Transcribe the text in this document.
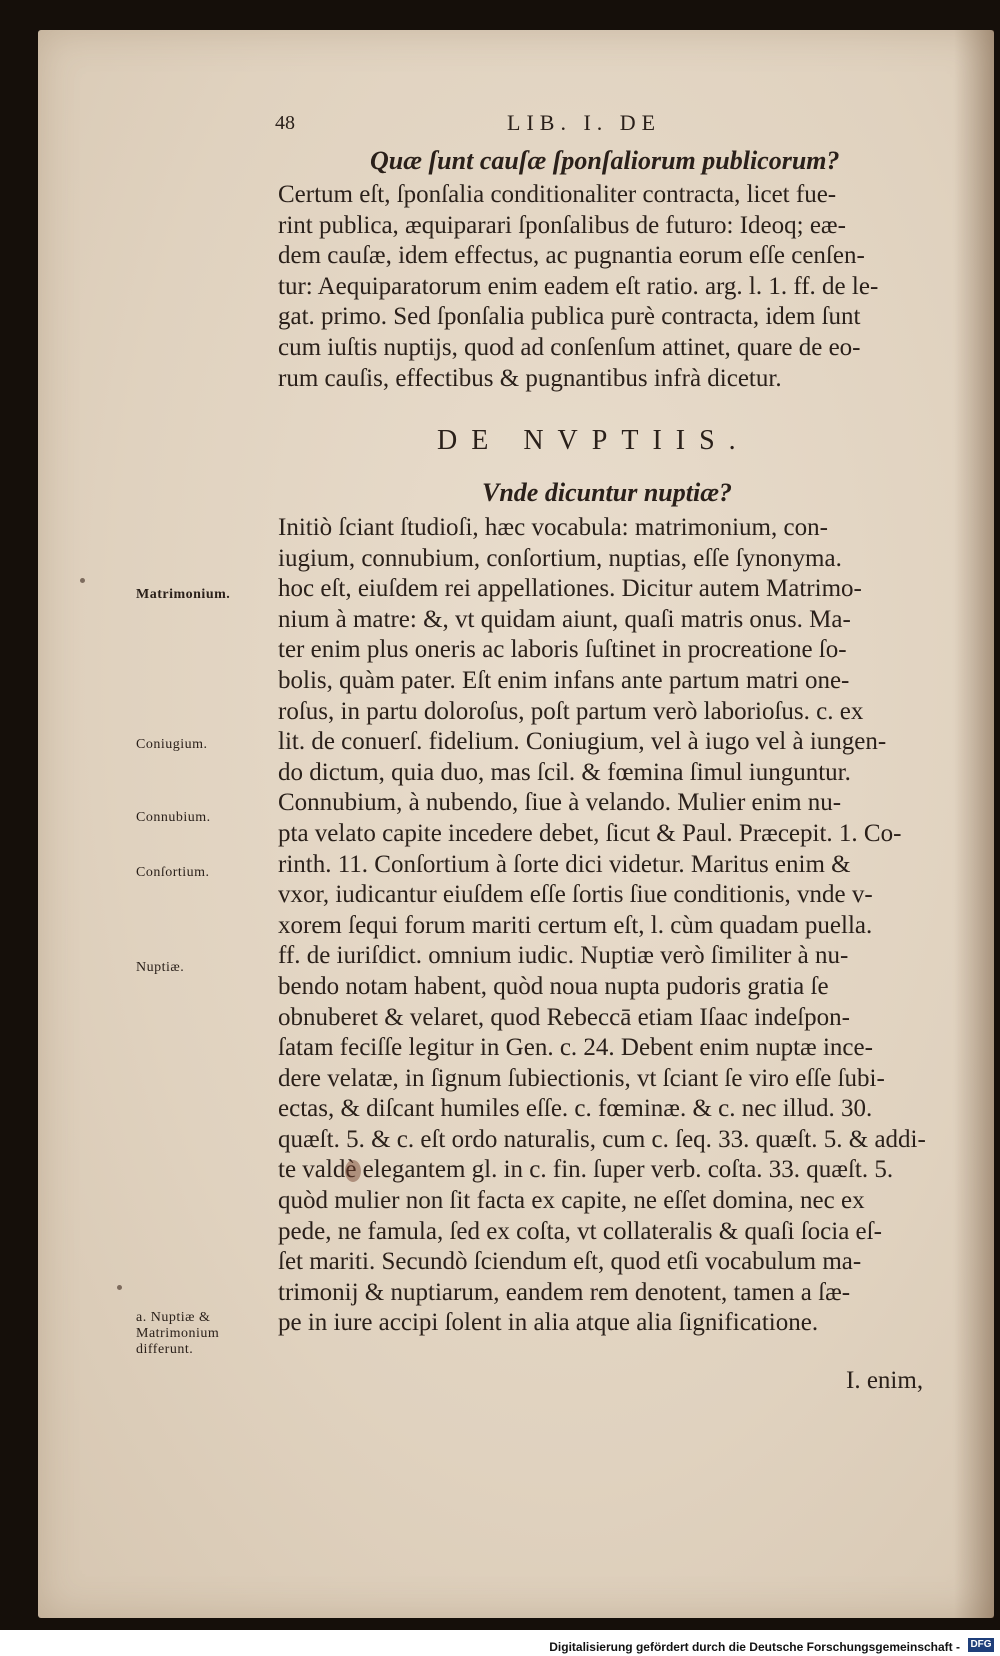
48	LIB. I. DE
Quæ ſunt cauſæ ſponſaliorum publicorum?
Certum eſt, ſponſalia conditionaliter contracta, licet fue-
rint publica, æquiparari ſponſalibus de futuro: Ideoq; eæ-
dem cauſæ, idem effectus, ac pugnantia eorum eſſe cenſen-
tur: Aequiparatorum enim eadem eſt ratio. arg. l. 1. ff. de le-
gat. primo. Sed ſponſalia publica purè contracta, idem ſunt
cum iuſtis nuptijs, quod ad conſenſum attinet, quare de eo-
rum cauſis, effectibus & pugnantibus infrà dicetur.
DE NVPTIIS.
Vnde dicuntur nuptiæ?
Initiò ſciant ſtudioſi, hæc vocabula: matrimonium, con-
iugium, connubium, conſortium, nuptias, eſſe ſynonyma.
hoc eſt, eiuſdem rei appellationes. Dicitur autem Matrimo-
nium à matre: &, vt quidam aiunt, quaſi matris onus. Ma-
ter enim plus oneris ac laboris ſuſtinet in procreatione ſo-
bolis, quàm pater. Eſt enim infans ante partum matri one-
roſus, in partu doloroſus, poſt partum verò laborioſus. c. ex
lit. de conuerſ. fidelium. Coniugium, vel à iugo vel à iungen-
do dictum, quia duo, mas ſcil. & fœmina ſimul iunguntur.
Connubium, à nubendo, ſiue à velando. Mulier enim nu-
pta velato capite incedere debet, ſicut & Paul. Præcepit. 1. Co-
rinth. 11. Conſortium à ſorte dici videtur. Maritus enim &
vxor, iudicantur eiuſdem eſſe ſortis ſiue conditionis, vnde v-
xorem ſequi forum mariti certum eſt, l. cùm quadam puella.
ff. de iuriſdict. omnium iudic. Nuptiæ verò ſimiliter à nu-
bendo notam habent, quòd noua nupta pudoris gratia ſe
obnuberet & velaret, quod Rebeccā etiam Iſaac indeſpon-
ſatam feciſſe legitur in Gen. c. 24. Debent enim nuptæ ince-
dere velatæ, in ſignum ſubiectionis, vt ſciant ſe viro eſſe ſubi-
ectas, & diſcant humiles eſſe. c. fœminæ. & c. nec illud. 30.
quæſt. 5. & c. eſt ordo naturalis, cum c. ſeq. 33. quæſt. 5. & addi-
te valdè elegantem gl. in c. fin. ſuper verb. coſta. 33. quæſt. 5.
quòd mulier non ſit facta ex capite, ne eſſet domina, nec ex
pede, ne famula, ſed ex coſta, vt collateralis & quaſi ſocia eſ-
ſet mariti. Secundò ſciendum eſt, quod etſi vocabulum ma-
trimonij & nuptiarum, eandem rem denotent, tamen a ſæ-
pe in iure accipi ſolent in alia atque alia ſignificatione.
I. enim,
Matrimonium.
Coniugium.
Connubium.
Conſortium.
Nuptiæ.
a. Nuptiæ &
Matrimonium
differunt.
Digitalisierung gefördert durch die Deutsche Forschungsgemeinschaft - DFG
